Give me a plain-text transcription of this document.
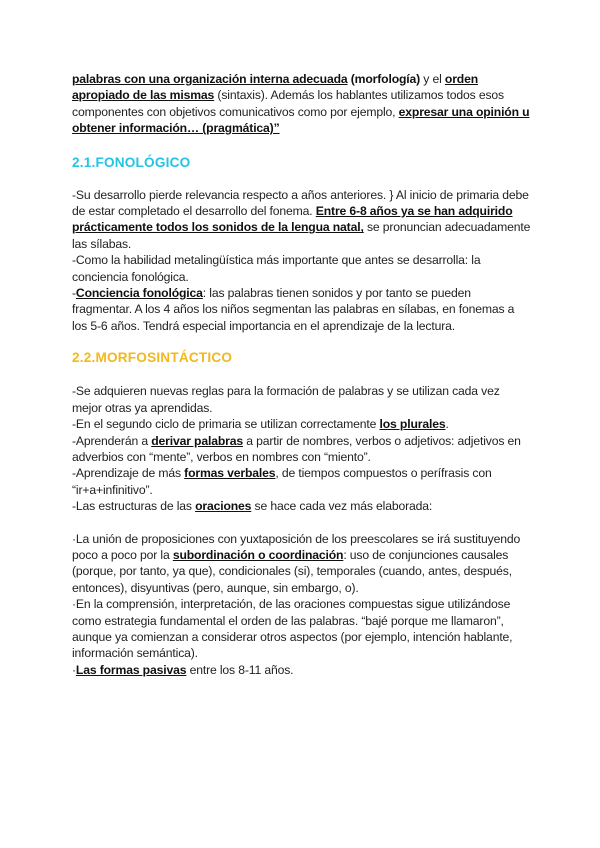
palabras con una organización interna adecuada (morfología) y el orden apropiado de las mismas (sintaxis). Además los hablantes utilizamos todos esos componentes con objetivos comunicativos como por ejemplo, expresar una opinión u obtener información… (pragmática)”

2.1.FONOLÓGICO

-Su desarrollo pierde relevancia respecto a años anteriores. } Al inicio de primaria debe de estar completado el desarrollo del fonema. Entre 6-8 años ya se han adquirido prácticamente todos los sonidos de la lengua natal, se pronuncian adecuadamente las sílabas.

-Como la habilidad metalingüística más importante que antes se desarrolla: la conciencia fonológica.

-Conciencia fonológica: las palabras tienen sonidos y por tanto se pueden fragmentar. A los 4 años los niños segmentan las palabras en sílabas, en fonemas a los 5-6 años. Tendrá especial importancia en el aprendizaje de la lectura.

2.2.MORFOSINTÁCTICO

-Se adquieren nuevas reglas para la formación de palabras y se utilizan cada vez mejor otras ya aprendidas.

-En el segundo ciclo de primaria se utilizan correctamente los plurales.

-Aprenderán a derivar palabras a partir de nombres, verbos o adjetivos: adjetivos en adverbios con “mente”, verbos en nombres con “miento”.

-Aprendizaje de más formas verbales, de tiempos compuestos o perífrasis con “ir+a+infinitivo”.

-Las estructuras de las oraciones se hace cada vez más elaborada:

·La unión de proposiciones con yuxtaposición de los preescolares se irá sustituyendo poco a poco por la subordinación o coordinación: uso de conjunciones causales (porque, por tanto, ya que), condicionales (si), temporales (cuando, antes, después, entonces), disyuntivas (pero, aunque, sin embargo, o).

·En la comprensión, interpretación, de las oraciones compuestas sigue utilizándose como estrategia fundamental el orden de las palabras. “bajé porque me llamaron”, aunque ya comienzan a considerar otros aspectos (por ejemplo, intención hablante, información semántica).

·Las formas pasivas entre los 8-11 años.
